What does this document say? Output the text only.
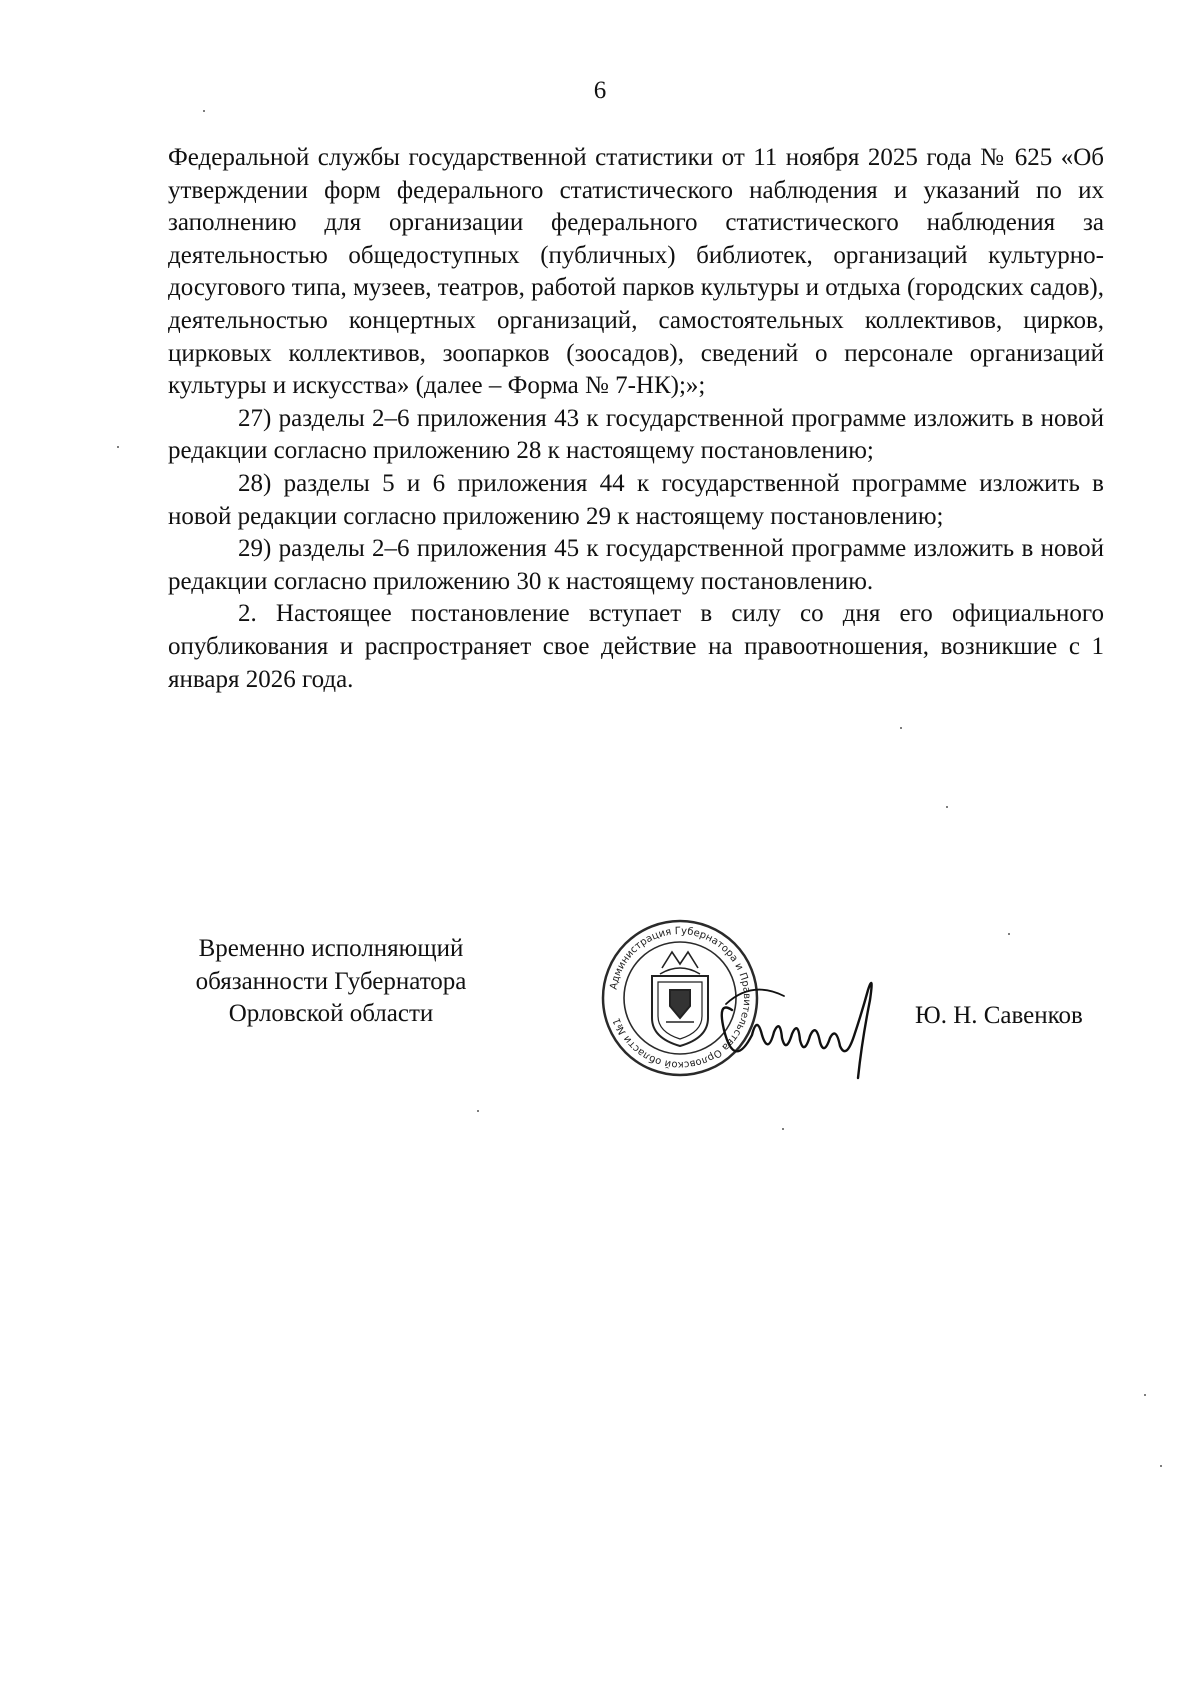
6

Федеральной службы государственной статистики от 11 ноября 2025 года № 625 «Об утверждении форм федерального статистического наблюдения и указаний по их заполнению для организации федерального статистического наблюдения за деятельностью общедоступных (публичных) библиотек, организаций культурно-досугового типа, музеев, театров, работой парков культуры и отдыха (городских садов), деятельностью концертных организаций, самостоятельных коллективов, цирков, цирковых коллективов, зоопарков (зоосадов), сведений о персонале организаций культуры и искусства» (далее – Форма № 7-НК);»;

27) разделы 2–6 приложения 43 к государственной программе изложить в новой редакции согласно приложению 28 к настоящему постановлению;

28) разделы 5 и 6 приложения 44 к государственной программе изложить в новой редакции согласно приложению 29 к настоящему постановлению;

29) разделы 2–6 приложения 45 к государственной программе изложить в новой редакции согласно приложению 30 к настоящему постановлению.

2. Настоящее постановление вступает в силу со дня его официального опубликования и распространяет свое действие на правоотношения, возникшие с 1 января 2026 года.

Временно исполняющий
обязанности Губернатора
Орловской области
Администрация Губернатора и Правительства Орловской области №1	Ю. Н. Савенков
